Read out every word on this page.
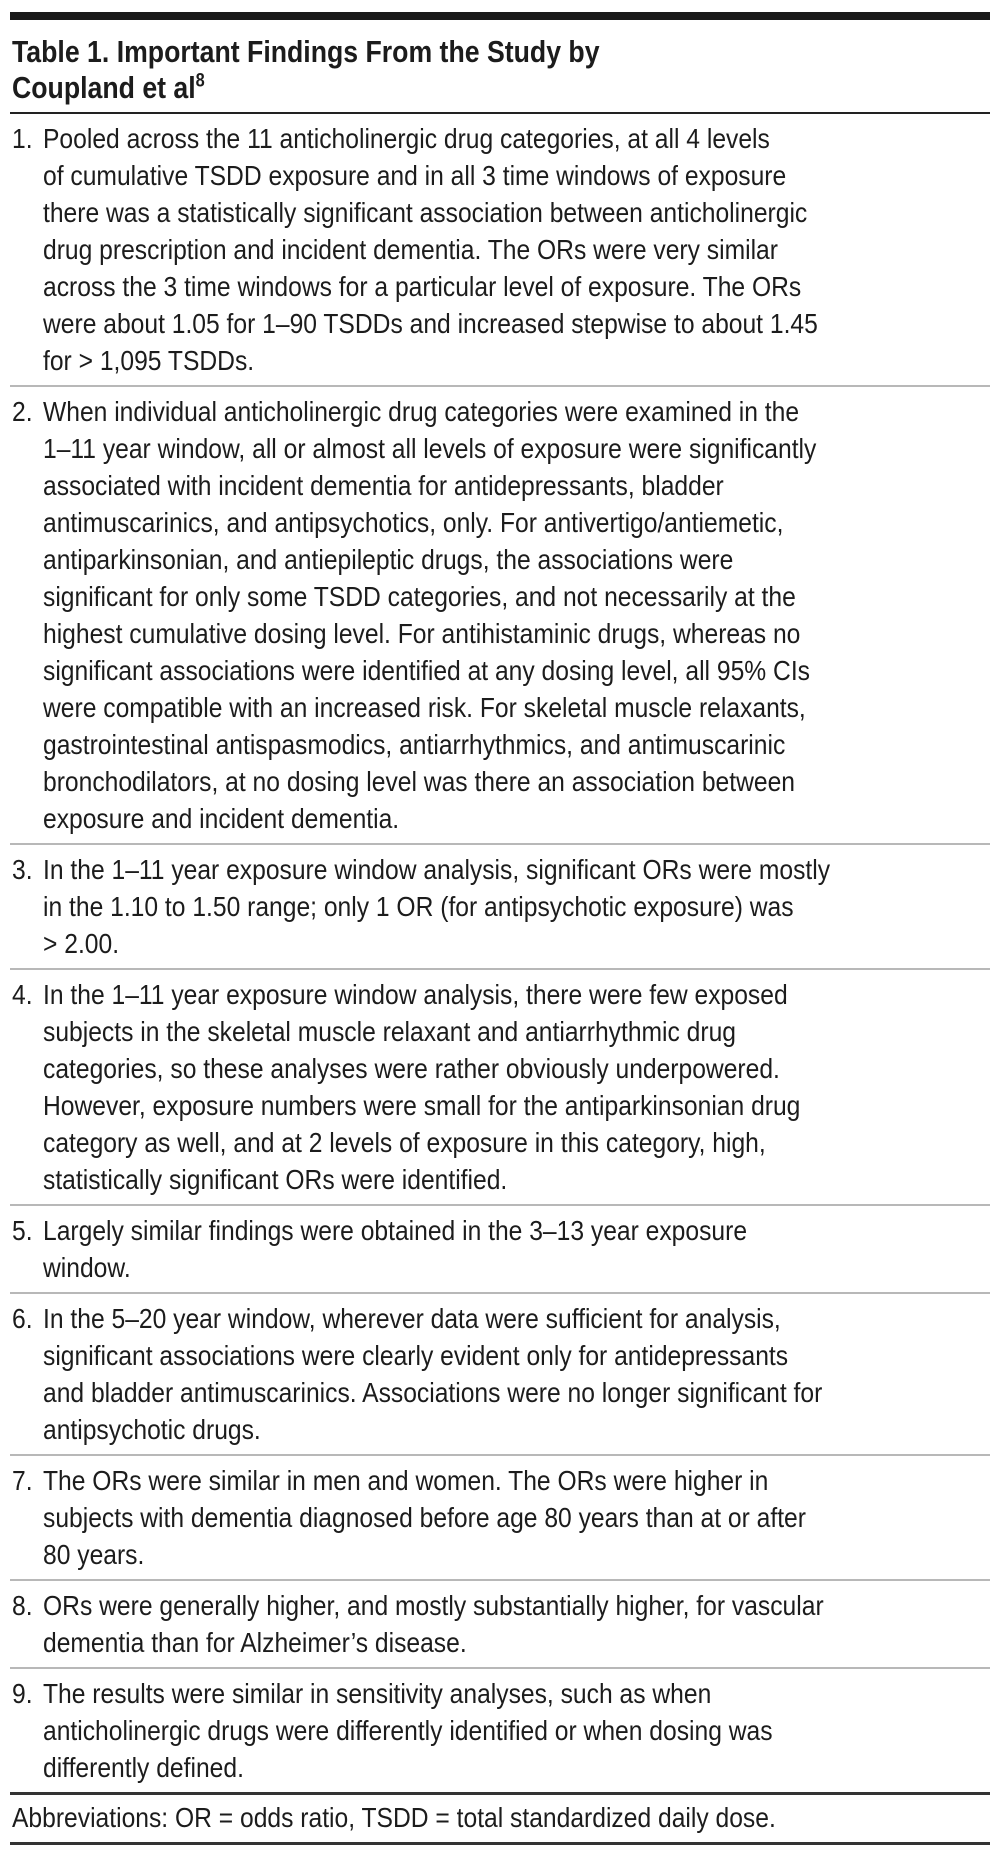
Table 1. Important Findings From the Study by
Coupland et $al^8$
1. Pooled across the 11 anticholinergic drug categories, at all 4 levels
of cumulative TSDD exposure and in all 3 time windows of exposure
there was a statistically significant association between anticholinergic
drug prescription and incident dementia. The ORs were very similar
across the 3 time windows for a particular level of exposure. The ORs
were about 1.05 for 1–90 TSDDs and increased stepwise to about 1.45
for > 1,095 TSDDs.
2. When individual anticholinergic drug categories were examined in the
1–11 year window, all or almost all levels of exposure were significantly
associated with incident dementia for antidepressants, bladder
antimuscarinics, and antipsychotics, only. For antivertigo/antiemetic,
antiparkinsonian, and antiepileptic drugs, the associations were
significant for only some TSDD categories, and not necessarily at the
highest cumulative dosing level. For antihistaminic drugs, whereas no
significant associations were identified at any dosing level, all 95% CIs
were compatible with an increased risk. For skeletal muscle relaxants,
gastrointestinal antispasmodics, antiarrhythmics, and antimuscarinic
bronchodilators, at no dosing level was there an association between
exposure and incident dementia.
3. In the 1–11 year exposure window analysis, significant ORs were mostly
in the 1.10 to 1.50 range; only 1 OR (for antipsychotic exposure) was
> 2.00.
4. In the 1–11 year exposure window analysis, there were few exposed
subjects in the skeletal muscle relaxant and antiarrhythmic drug
categories, so these analyses were rather obviously underpowered.
However, exposure numbers were small for the antiparkinsonian drug
category as well, and at 2 levels of exposure in this category, high,
statistically significant ORs were identified.
5. Largely similar findings were obtained in the 3–13 year exposure
window.
6. In the 5–20 year window, wherever data were sufficient for analysis,
significant associations were clearly evident only for antidepressants
and bladder antimuscarinics. Associations were no longer significant for
antipsychotic drugs.
7. The ORs were similar in men and women. The ORs were higher in
subjects with dementia diagnosed before age 80 years than at or after
80 years.
8. ORs were generally higher, and mostly substantially higher, for vascular
dementia than for Alzheimer’s disease.
9. The results were similar in sensitivity analyses, such as when
anticholinergic drugs were differently identified or when dosing was
differently defined.
Abbreviations: OR = odds ratio, TSDD = total standardized daily dose.
